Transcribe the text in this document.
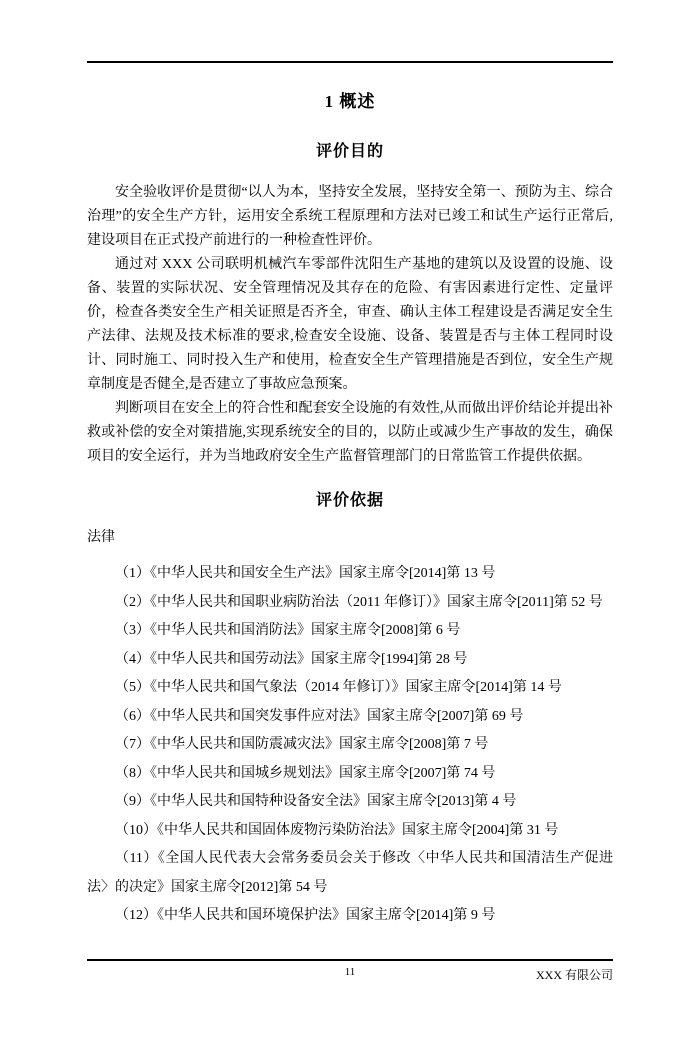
1 概述
评价目的

安全验收评价是贯彻“以人为本，坚持安全发展，坚持安全第一、预防为主、综合治理”的安全生产方针，运用安全系统工程原理和方法对已竣工和试生产运行正常后,建设项目在正式投产前进行的一种检查性评价。

通过对 XXX 公司联明机械汽车零部件沈阳生产基地的建筑以及设置的设施、设备、装置的实际状况、安全管理情况及其存在的危险、有害因素进行定性、定量评价，检查各类安全生产相关证照是否齐全，审查、确认主体工程建设是否满足安全生产法律、法规及技术标准的要求,检查安全设施、设备、装置是否与主体工程同时设计、同时施工、同时投入生产和使用，检查安全生产管理措施是否到位，安全生产规章制度是否健全,是否建立了事故应急预案。

判断项目在安全上的符合性和配套安全设施的有效性,从而做出评价结论并提出补救或补偿的安全对策措施,实现系统安全的目的，以防止或减少生产事故的发生，确保项目的安全运行，并为当地政府安全生产监督管理部门的日常监管工作提供依据。

评价依据
法律

（1）《中华人民共和国安全生产法》国家主席令[2014]第 13 号

（2）《中华人民共和国职业病防治法（2011 年修订）》国家主席令[2011]第 52 号

（3）《中华人民共和国消防法》国家主席令[2008]第 6 号

（4）《中华人民共和国劳动法》国家主席令[1994]第 28 号

（5）《中华人民共和国气象法（2014 年修订）》国家主席令[2014]第 14 号

（6）《中华人民共和国突发事件应对法》国家主席令[2007]第 69 号

（7）《中华人民共和国防震减灾法》国家主席令[2008]第 7 号

（8）《中华人民共和国城乡规划法》国家主席令[2007]第 74 号

（9）《中华人民共和国特种设备安全法》国家主席令[2013]第 4 号

（10）《中华人民共和国固体废物污染防治法》国家主席令[2004]第 31 号

（11）《全国人民代表大会常务委员会关于修改〈中华人民共和国清洁生产促进法〉的决定》国家主席令[2012]第 54 号

（12）《中华人民共和国环境保护法》国家主席令[2014]第 9 号

11	XXX 有限公司
